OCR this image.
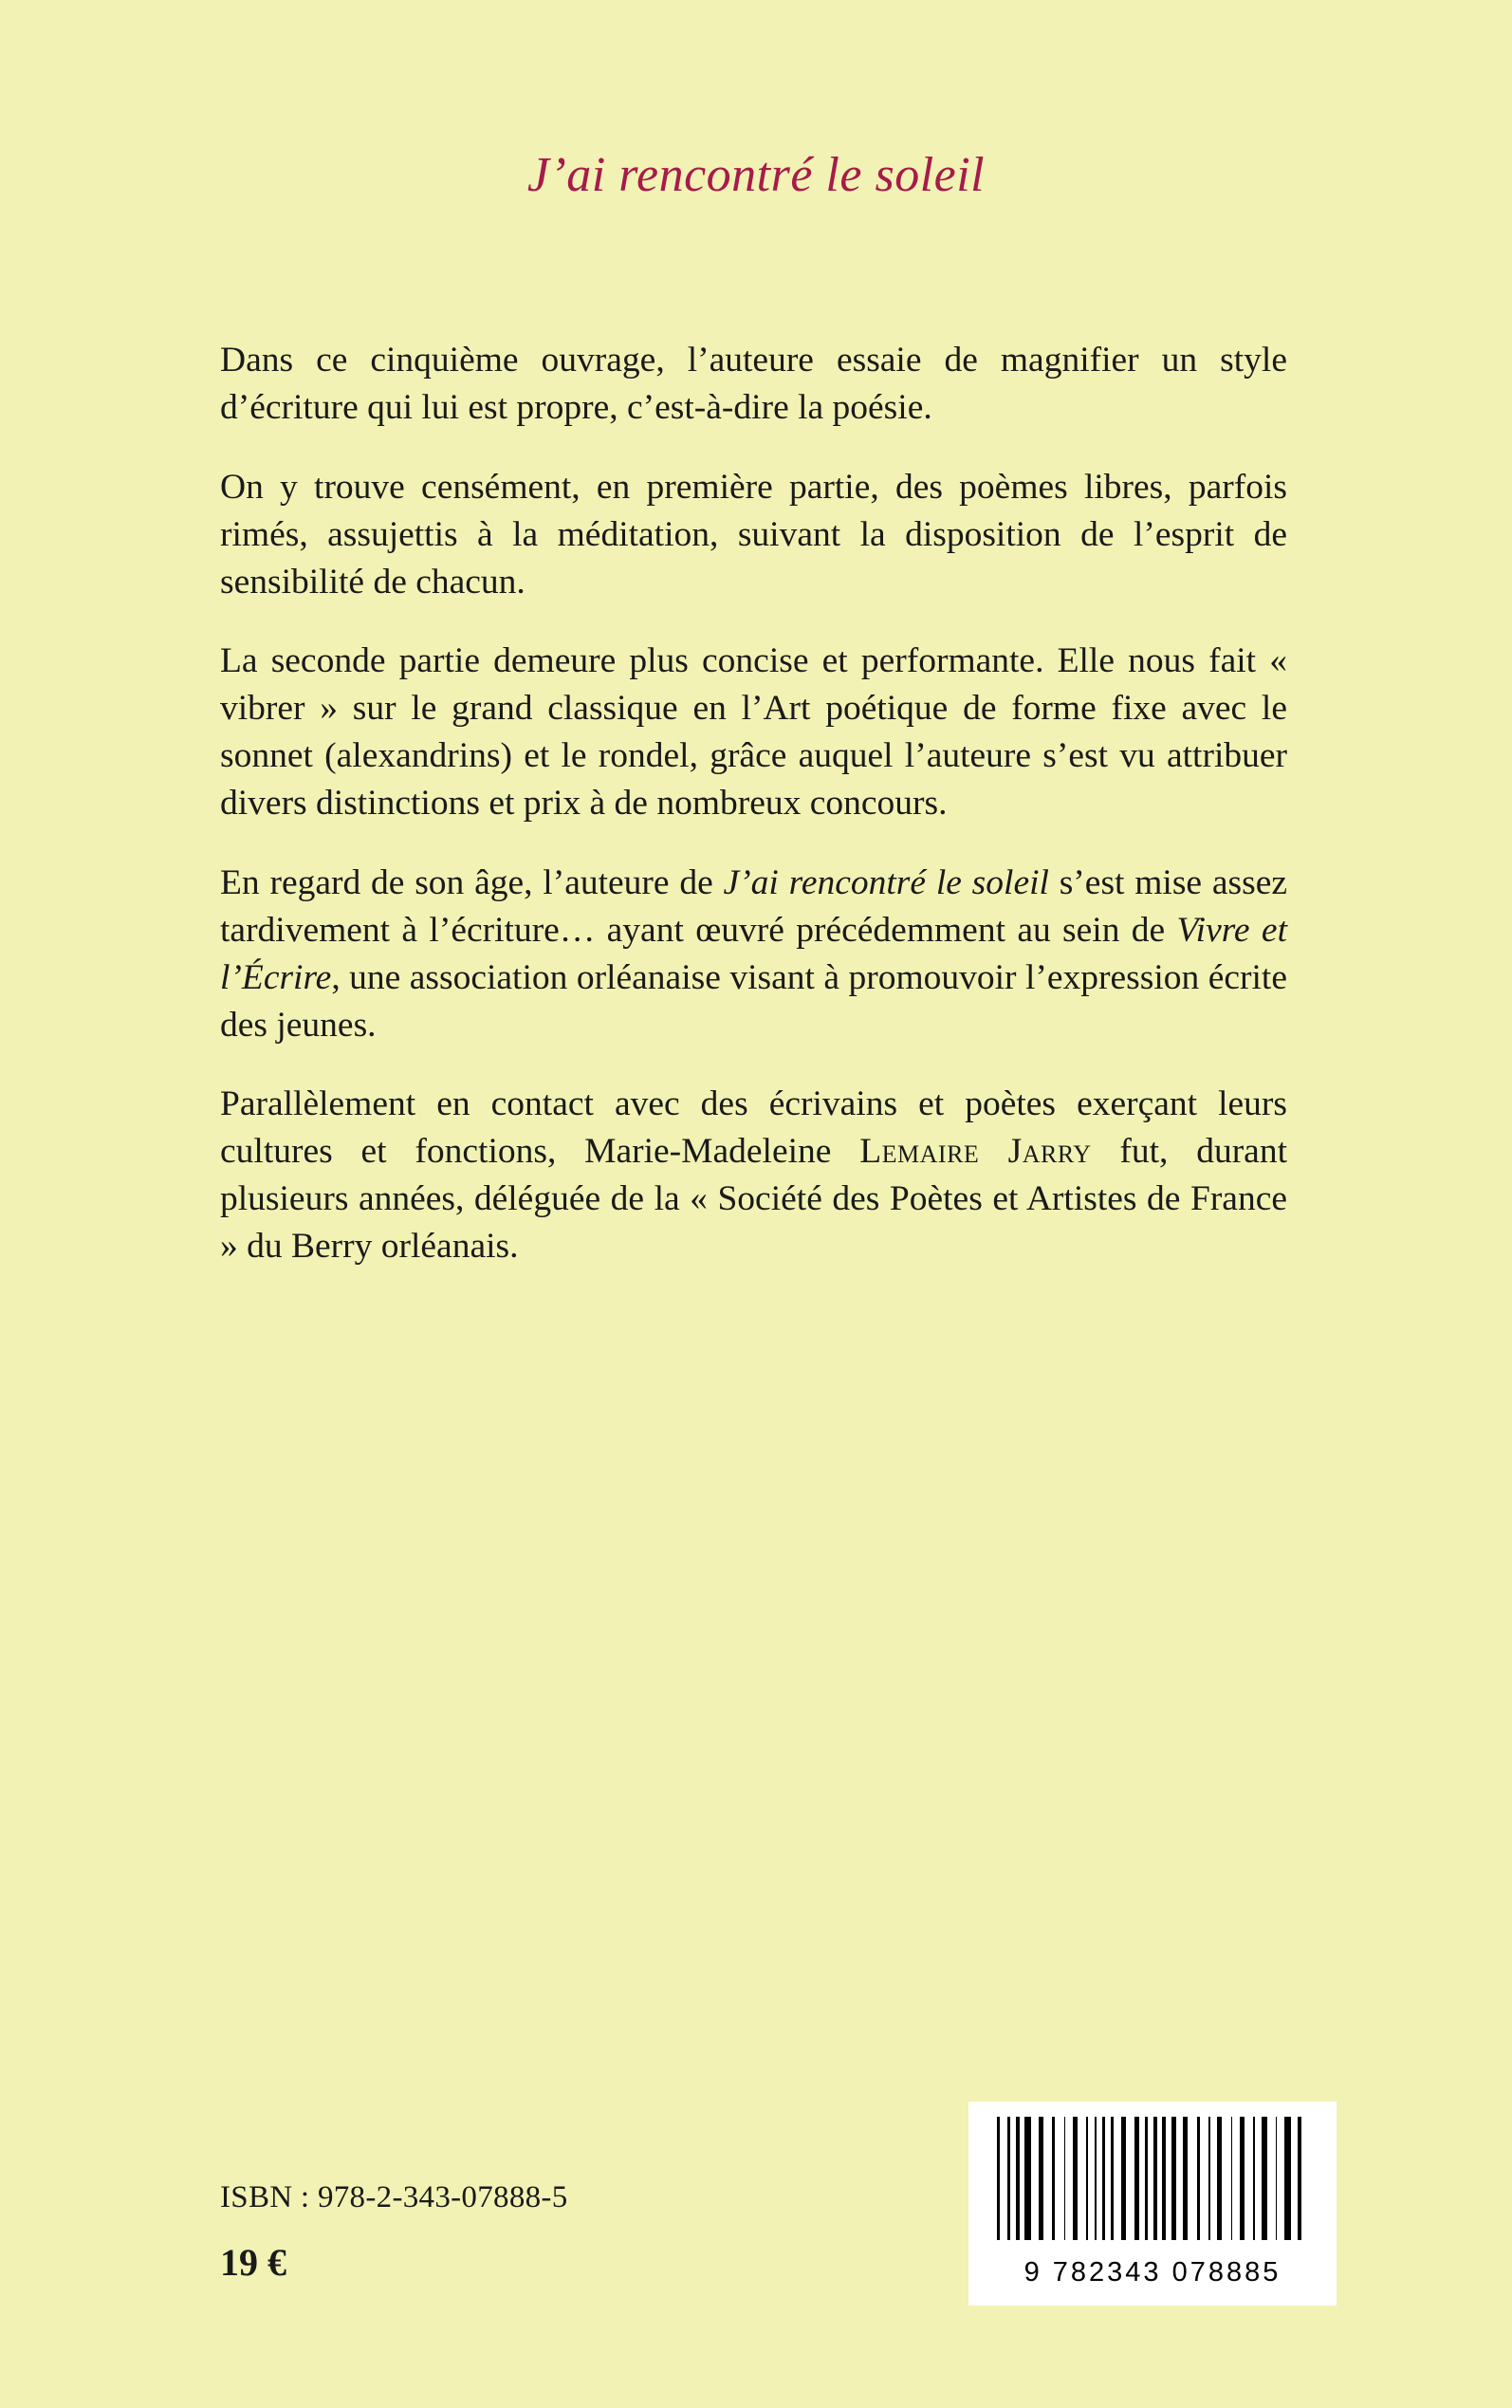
J’ai rencontré le soleil

Dans ce cinquième ouvrage, l’auteure essaie de magnifier un style d’écriture qui lui est propre, c’est-à-dire la poésie.

On y trouve censément, en première partie, des poèmes libres, parfois rimés, assujettis à la méditation, suivant la disposition de l’esprit de sensibilité de chacun.

La seconde partie demeure plus concise et performante. Elle nous fait « vibrer » sur le grand classique en l’Art poétique de forme fixe avec le sonnet (alexandrins) et le rondel, grâce auquel l’auteure s’est vu attribuer divers distinctions et prix à de nombreux concours.

En regard de son âge, l’auteure de J’ai rencontré le soleil s’est mise assez tardivement à l’écriture… ayant œuvré précédemment au sein de Vivre et l’Écrire, une association orléanaise visant à promouvoir l’expression écrite des jeunes.

Parallèlement en contact avec des écrivains et poètes exerçant leurs cultures et fonctions, Marie-Madeleine Lemaire Jarry fut, durant plusieurs années, déléguée de la « Société des Poètes et Artistes de France » du Berry orléanais.

ISBN : 978-2-343-07888-5
19 €	9 782343 078885
